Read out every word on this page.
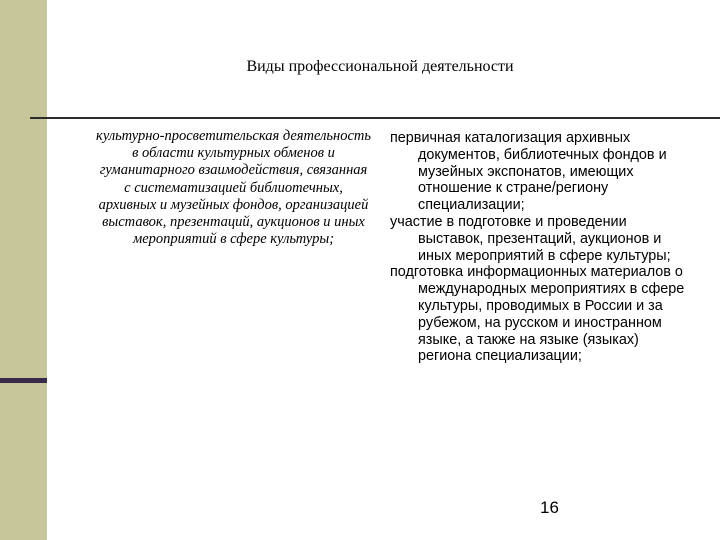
Виды профессиональной деятельности

культурно-просветительская деятельность

в области культурных обменов и гуманитарного взаимодействия, связанная с систематизацией библиотечных, архивных и музейных фондов, организацией выставок, презентаций, аукционов и иных мероприятий в сфере культуры;

первичная каталогизация архивных документов, библиотечных фондов и музейных экспонатов, имеющих отношение к стране/региону специализации;

участие в подготовке и проведении выставок, презентаций, аукционов и иных мероприятий в сфере культуры;

подготовка информационных материалов о международных мероприятиях в сфере культуры, проводимых в России и за рубежом, на русском и иностранном языке, а также на языке (языках) региона специализации;

16
